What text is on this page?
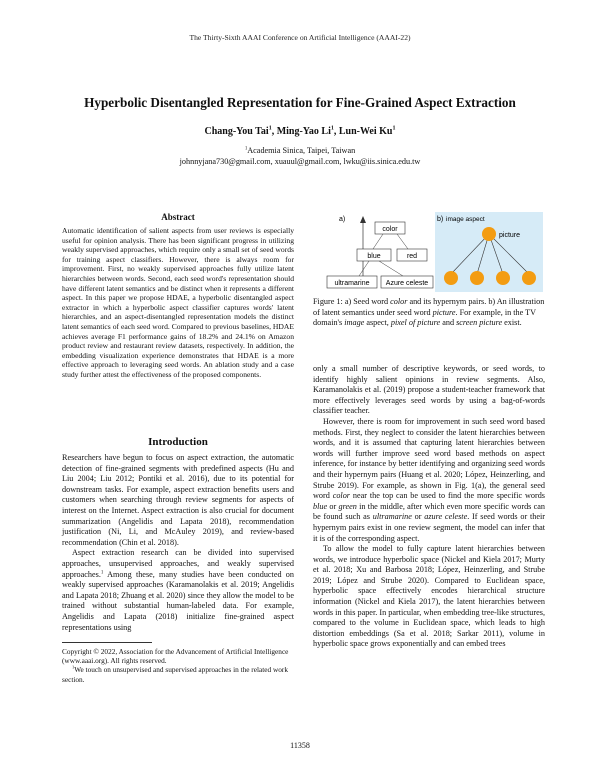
The Thirty-Sixth AAAI Conference on Artificial Intelligence (AAAI-22)
Hyperbolic Disentangled Representation for Fine-Grained Aspect Extraction
Chang-You Tai$^1$, Ming-Yao Li$^1$, Lun-Wei Ku$^1$
$^1$Academia Sinica, Taipei, Taiwan
johnnyjana730@gmail.com, xuauul@gmail.com, lwku@iis.sinica.edu.tw
Abstract
Automatic identification of salient aspects from user reviews is especially useful for opinion analysis. There has been significant progress in utilizing weakly supervised approaches, which require only a small set of seed words for training aspect classifiers. However, there is always room for improvement. First, no weakly supervised approaches fully utilize latent hierarchies between words. Second, each seed word's representation should have different latent semantics and be distinct when it represents a different aspect. In this paper we propose HDAE, a hyperbolic disentangled aspect extractor in which a hyperbolic aspect classifier captures words' latent hierarchies, and an aspect-disentangled representation models the distinct latent semantics of each seed word. Compared to previous baselines, HDAE achieves average F1 performance gains of 18.2% and 24.1% on Amazon product review and restaurant review datasets, respectively. In addition, the embedding visualization experience demonstrates that HDAE is a more effective approach to leveraging seed words. An ablation study and a case study further attest the effectiveness of the proposed components.
Introduction

Researchers have begun to focus on aspect extraction, the automatic detection of fine-grained segments with predefined aspects (Hu and Liu 2004; Liu 2012; Pontiki et al. 2016), due to its potential for downstream tasks. For example, aspect extraction benefits users and customers when searching through review segments for aspects of interest on the Internet. Aspect extraction is also crucial for document summarization (Angelidis and Lapata 2018), recommendation justification (Ni, Li, and McAuley 2019), and review-based recommendation (Chin et al. 2018).

Aspect extraction research can be divided into supervised approaches, unsupervised approaches, and weakly supervised approaches.$^1$ Among these, many studies have been conducted on weakly supervised approaches (Karamanolakis et al. 2019; Angelidis and Lapata 2018; Zhuang et al. 2020) since they allow the model to be trained without substantial human-labeled data. For example, Angelidis and Lapata (2018) initialize fine-grained aspect representations using

Copyright © 2022, Association for the Advancement of Artificial Intelligence (www.aaai.org). All rights reserved.
$^1$We touch on unsupervised and supervised approaches in the related work section.
a)
color
blue	red
ultramarine Azure celeste
b) image aspect
picture
Figure 1: a) Seed word color and its hypernym pairs. b) An illustration of latent semantics under seed word picture. For example, in the TV domain's image aspect, pixel of picture and screen picture exist.

only a small number of descriptive keywords, or seed words, to identify highly salient opinions in review segments. Also, Karamanolakis et al. (2019) propose a student-teacher framework that more effectively leverages seed words by using a bag-of-words classifier teacher.

However, there is room for improvement in such seed word based methods. First, they neglect to consider the latent hierarchies between words, and it is assumed that capturing latent hierarchies between words will further improve seed word based methods on aspect inference, for instance by better identifying and organizing seed words and their hypernym pairs (Huang et al. 2020; López, Heinzerling, and Strube 2019). For example, as shown in Fig. 1(a), the general seed word color near the top can be used to find the more specific words blue or green in the middle, after which even more specific words can be found such as ultramarine or azure celeste. If seed words or their hypernym pairs exist in one review segment, the model can infer that it is of the corresponding aspect.

To allow the model to fully capture latent hierarchies between words, we introduce hyperbolic space (Nickel and Kiela 2017; Murty et al. 2018; Xu and Barbosa 2018; López, Heinzerling, and Strube 2019; López and Strube 2020). Compared to Euclidean space, hyperbolic space effectively encodes hierarchical structure information (Nickel and Kiela 2017), the latent hierarchies between words in this paper. In particular, when embedding tree-like structures, compared to the volume in Euclidean space, which leads to high distortion embeddings (Sa et al. 2018; Sarkar 2011), volume in hyperbolic space grows exponentially and can embed trees

11358
